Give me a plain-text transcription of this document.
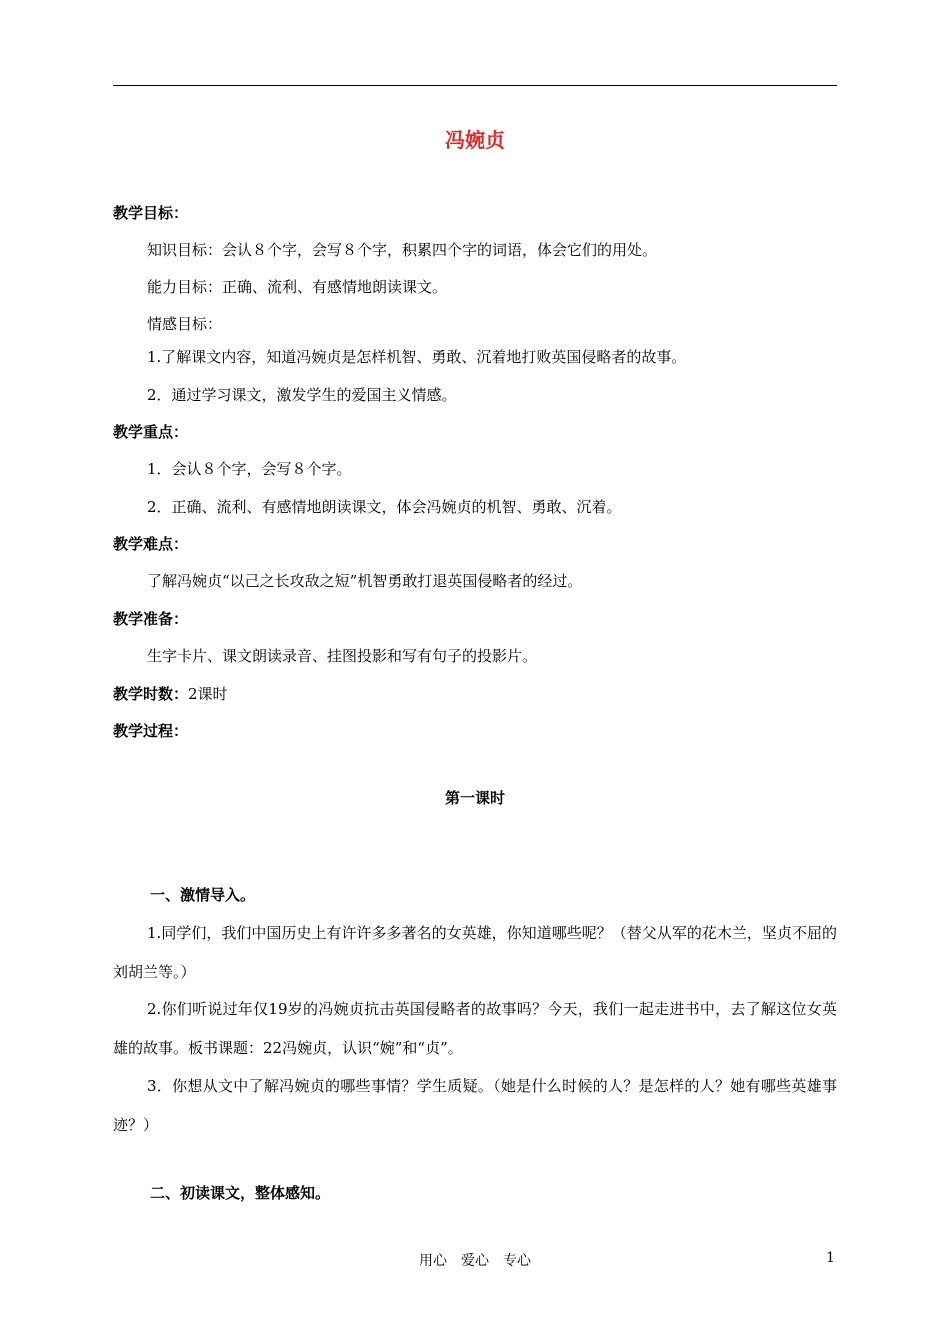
冯婉贞
教学目标：
知识目标：会认８个字，会写８个字，积累四个字的词语，体会它们的用处。
能力目标：正确、流利、有感情地朗读课文。
情感目标：
1.了解课文内容，知道冯婉贞是怎样机智、勇敢、沉着地打败英国侵略者的故事。
2．通过学习课文，激发学生的爱国主义情感。
教学重点：
1．会认８个字，会写８个字。
2．正确、流利、有感情地朗读课文，体会冯婉贞的机智、勇敢、沉着。
教学难点：
了解冯婉贞“以己之长攻敌之短”机智勇敢打退英国侵略者的经过。
教学准备：
生字卡片、课文朗读录音、挂图投影和写有句子的投影片。
教学时数：2课时
教学过程：
第一课时
一、激情导入。
1.同学们，我们中国历史上有许许多多著名的女英雄，你知道哪些呢？（替父从军的花木兰，坚贞不屈的刘胡兰等。）
2.你们听说过年仅19岁的冯婉贞抗击英国侵略者的故事吗？今天，我们一起走进书中，去了解这位女英雄的故事。板书课题：22冯婉贞，认识“婉”和“贞”。
3．你想从文中了解冯婉贞的哪些事情？学生质疑。（她是什么时候的人？是怎样的人？她有哪些英雄事迹？）
二、初读课文，整体感知。
用心　爱心　专心	1
